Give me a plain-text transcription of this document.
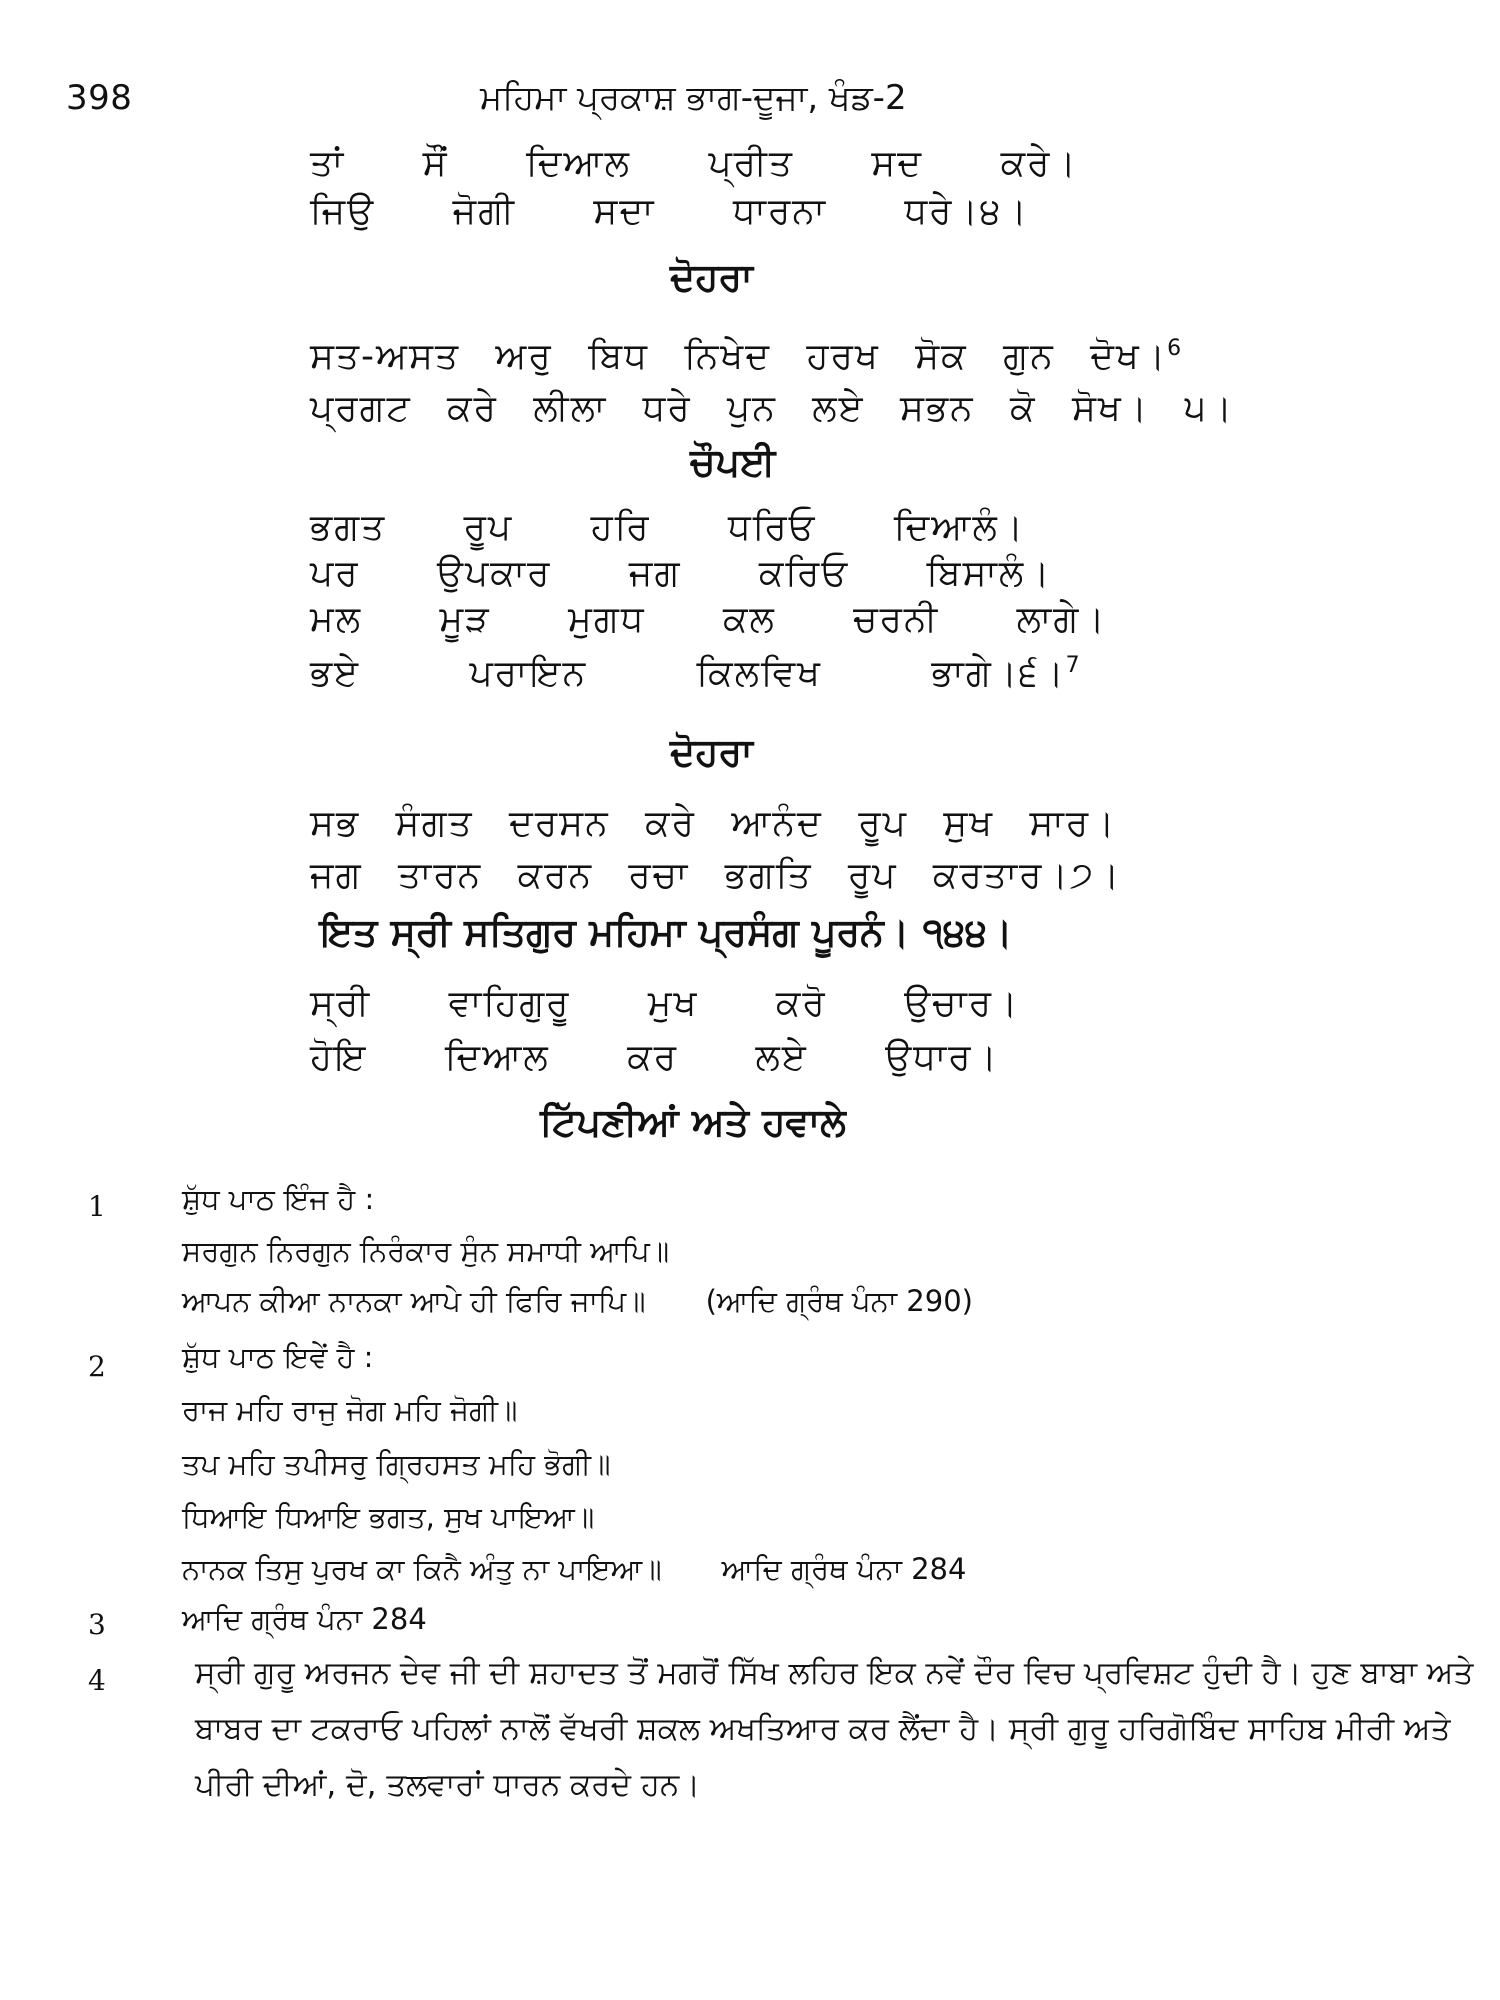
398	ਮਹਿਮਾ ਪ੍ਰਕਾਸ਼ ਭਾਗ-ਦੂਜਾ, ਖੰਡ-2
ਤਾਂ ਸੌਂ ਦਿਆਲ ਪ੍ਰੀਤ ਸਦ ਕਰੇ।
ਜਿਉ ਜੋਗੀ ਸਦਾ ਧਾਰਨਾ ਧਰੇ।੪।
ਦੋਹਰਾ
ਸਤ-ਅਸਤ ਅਰੁ ਬਿਧ ਨਿਖੇਦ ਹਰਖ ਸੋਕ ਗੁਨ ਦੋਖ।$^6$
ਪ੍ਰਗਟ ਕਰੇ ਲੀਲਾ ਧਰੇ ਪੁਨ ਲਏ ਸਭਨ ਕੋ ਸੋਖ। ੫।
ਚੌਪਈ
ਭਗਤ ਰੂਪ ਹਰਿ ਧਰਿਓ ਦਿਆਲੰ।
ਪਰ ਉਪਕਾਰ ਜਗ ਕਰਿਓ ਬਿਸਾਲੰ।
ਮਲ ਮੂੜ ਮੁਗਧ ਕਲ ਚਰਨੀ ਲਾਗੇ।
ਭਏ ਪਰਾਇਨ ਕਿਲਵਿਖ ਭਾਗੇ।੬।$^7$
ਦੋਹਰਾ
ਸਭ ਸੰਗਤ ਦਰਸਨ ਕਰੇ ਆਨੰਦ ਰੂਪ ਸੁਖ ਸਾਰ।
ਜਗ ਤਾਰਨ ਕਰਨ ਰਚਾ ਭਗਤਿ ਰੂਪ ਕਰਤਾਰ।੭।
ਇਤ ਸ੍ਰੀ ਸਤਿਗੁਰ ਮਹਿਮਾ ਪ੍ਰਸੰਗ ਪੂਰਨੰ। ੧੪੪।
ਸ੍ਰੀ ਵਾਹਿਗੁਰੂ ਮੁਖ ਕਰੋ ਉਚਾਰ।
ਹੋਇ ਦਿਆਲ ਕਰ ਲਏ ਉਧਾਰ।
ਟਿੱਪਣੀਆਂ ਅਤੇ ਹਵਾਲੇ
1	ਸ਼ੁੱਧ ਪਾਠ ਇੰਜ ਹੈ :
ਸਰਗੁਨ ਨਿਰਗੁਨ ਨਿਰੰਕਾਰ ਸੁੰਨ ਸਮਾਧੀ ਆਪਿ॥
ਆਪਨ ਕੀਆ ਨਾਨਕਾ ਆਪੇ ਹੀ ਫਿਰਿ ਜਾਪਿ॥ (ਆਦਿ ਗ੍ਰੰਥ ਪੰਨਾ 290)
2	ਸ਼ੁੱਧ ਪਾਠ ਇਵੇਂ ਹੈ :
ਰਾਜ ਮਹਿ ਰਾਜੁ ਜੋਗ ਮਹਿ ਜੋਗੀ॥
ਤਪ ਮਹਿ ਤਪੀਸਰੁ ਗ੍ਰਿਹਸਤ ਮਹਿ ਭੋਗੀ॥
ਧਿਆਇ ਧਿਆਇ ਭਗਤ, ਸੁਖ ਪਾਇਆ॥
ਨਾਨਕ ਤਿਸੁ ਪੁਰਖ ਕਾ ਕਿਨੈ ਅੰਤੁ ਨਾ ਪਾਇਆ॥ ਆਦਿ ਗ੍ਰੰਥ ਪੰਨਾ 284
3	ਆਦਿ ਗ੍ਰੰਥ ਪੰਨਾ 284
4	ਸ੍ਰੀ ਗੁਰੂ ਅਰਜਨ ਦੇਵ ਜੀ ਦੀ ਸ਼ਹਾਦਤ ਤੋਂ ਮਗਰੋਂ ਸਿੱਖ ਲਹਿਰ ਇਕ ਨਵੇਂ ਦੌਰ ਵਿਚ ਪ੍ਰਵਿਸ਼ਟ ਹੁੰਦੀ ਹੈ। ਹੁਣ ਬਾਬਾ ਅਤੇ ਬਾਬਰ ਦਾ ਟਕਰਾਓ ਪਹਿਲਾਂ ਨਾਲੋਂ ਵੱਖਰੀ ਸ਼ਕਲ ਅਖਤਿਆਰ ਕਰ ਲੈਂਦਾ ਹੈ। ਸ੍ਰੀ ਗੁਰੂ ਹਰਿਗੋਬਿੰਦ ਸਾਹਿਬ ਮੀਰੀ ਅਤੇ ਪੀਰੀ ਦੀਆਂ, ਦੋ, ਤਲਵਾਰਾਂ ਧਾਰਨ ਕਰਦੇ ਹਨ।
